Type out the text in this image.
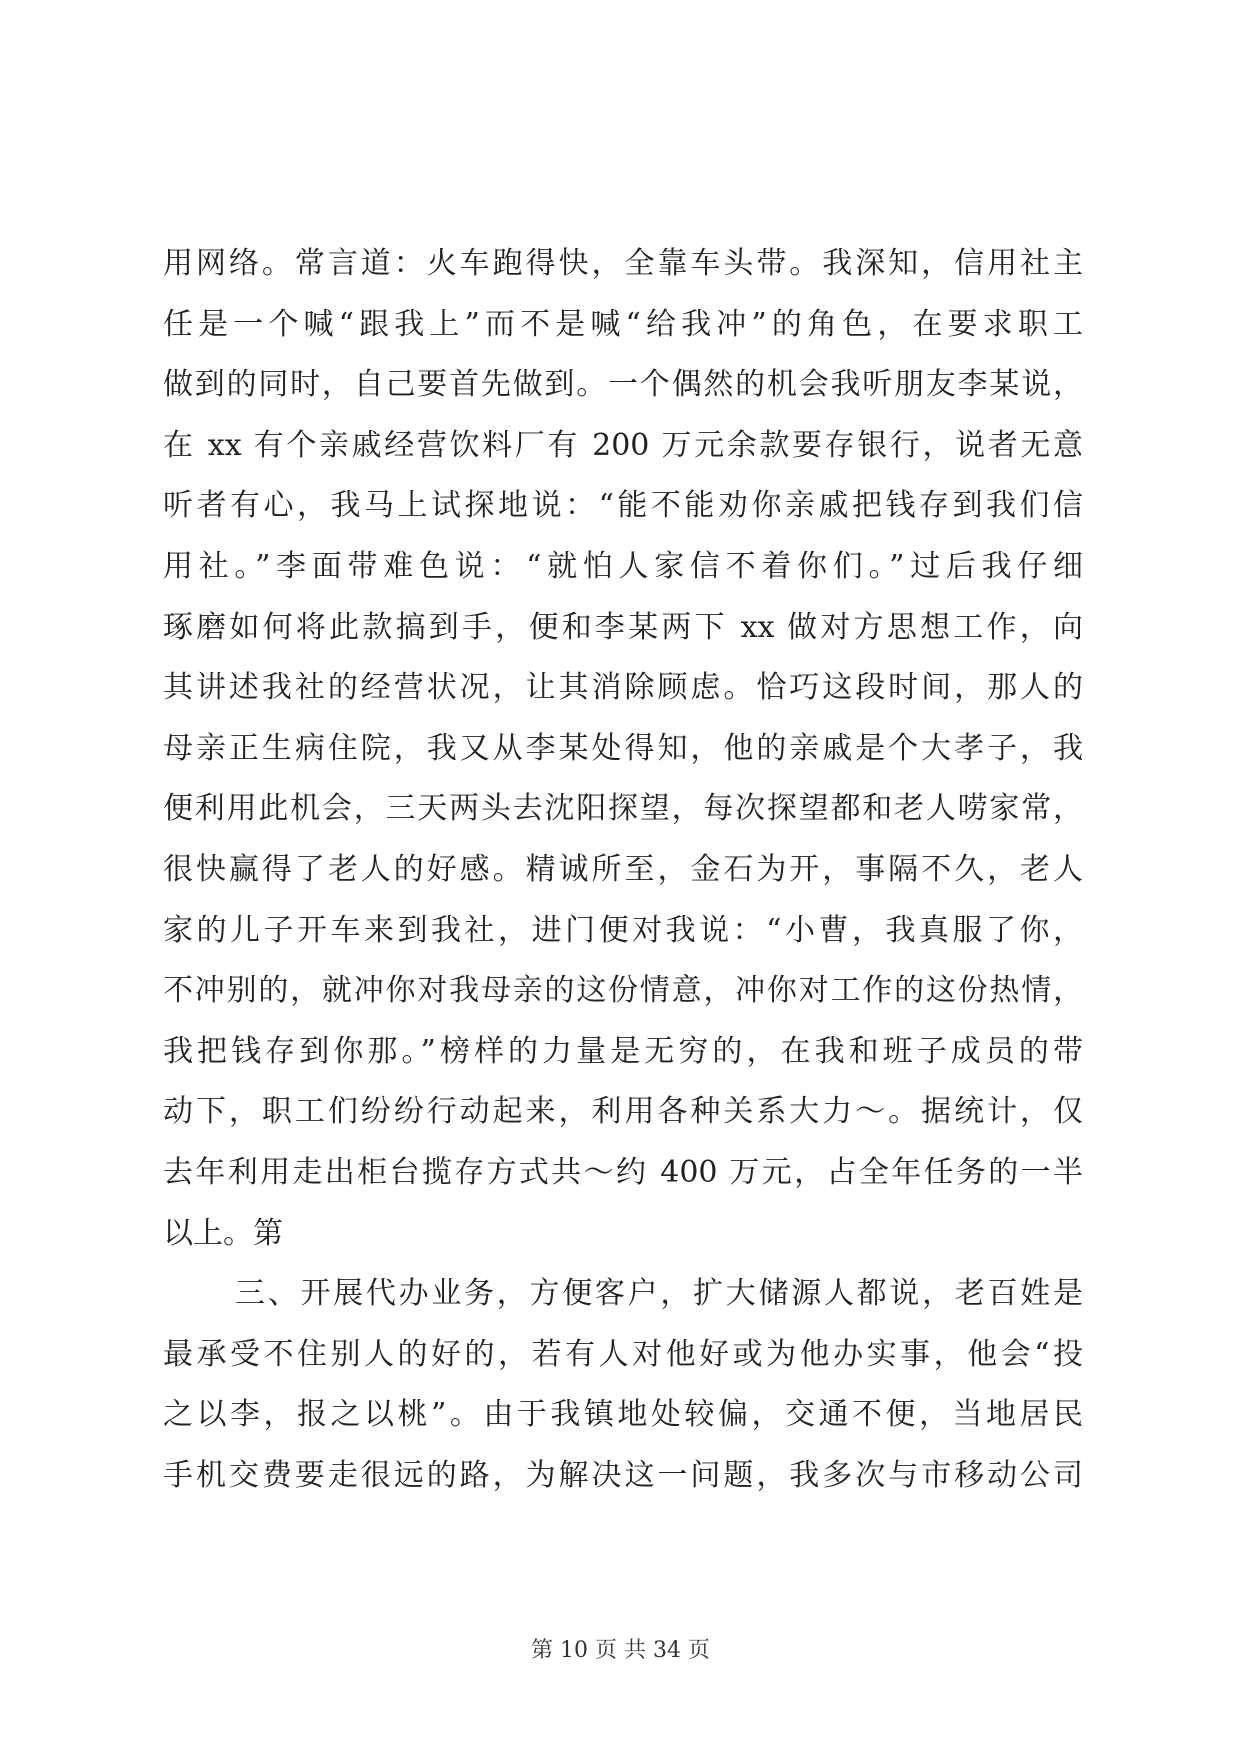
用网络。常言道：火车跑得快，全靠车头带。我深知，信用社主
任是一个喊“跟我上”而不是喊“给我冲”的角色，在要求职工
做到的同时，自己要首先做到。一个偶然的机会我听朋友李某说，
在 xx 有个亲戚经营饮料厂有 200 万元余款要存银行，说者无意
听者有心，我马上试探地说：“能不能劝你亲戚把钱存到我们信
用社。”李面带难色说：“就怕人家信不着你们。”过后我仔细
琢磨如何将此款搞到手，便和李某两下 xx 做对方思想工作，向
其讲述我社的经营状况，让其消除顾虑。恰巧这段时间，那人的
母亲正生病住院，我又从李某处得知，他的亲戚是个大孝子，我
便利用此机会，三天两头去沈阳探望，每次探望都和老人唠家常，
很快赢得了老人的好感。精诚所至，金石为开，事隔不久，老人
家的儿子开车来到我社，进门便对我说：“小曹，我真服了你，
不冲别的，就冲你对我母亲的这份情意，冲你对工作的这份热情，
我把钱存到你那。”榜样的力量是无穷的，在我和班子成员的带
动下，职工们纷纷行动起来，利用各种关系大力～。据统计，仅
去年利用走出柜台揽存方式共～约 400 万元，占全年任务的一半
以上。第
三、开展代办业务，方便客户，扩大储源人都说，老百姓是
最承受不住别人的好的，若有人对他好或为他办实事，他会“投
之以李，报之以桃”。由于我镇地处较偏，交通不便，当地居民
手机交费要走很远的路，为解决这一问题，我多次与市移动公司
第 10 页 共 34 页
